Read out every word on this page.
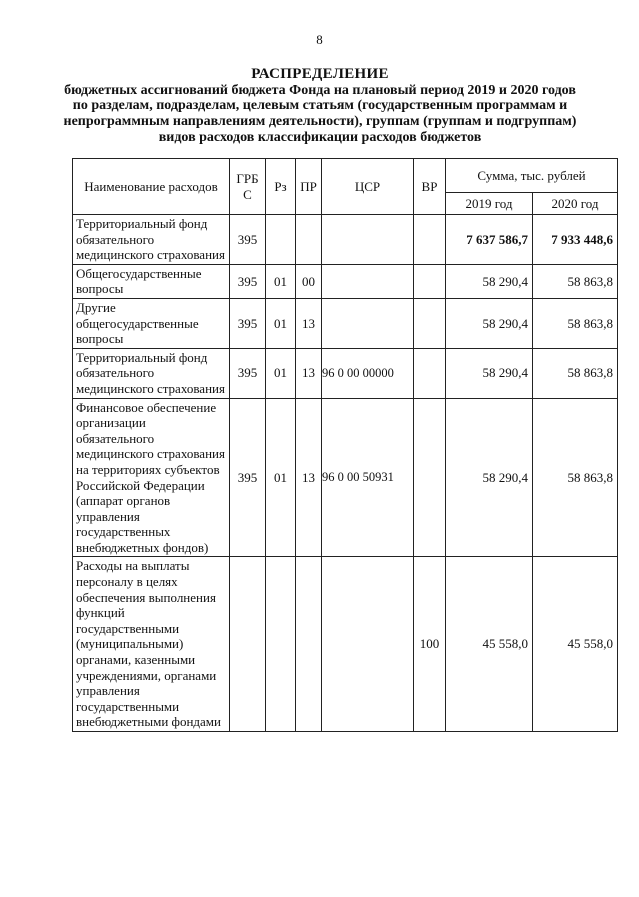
8
РАСПРЕДЕЛЕНИЕ
бюджетных ассигнований бюджета Фонда на плановый период 2019 и 2020 годов
по разделам, подразделам, целевым статьям (государственным программам и
непрограммным направлениям деятельности), группам (группам и подгруппам)
видов расходов классификации расходов бюджетов
Наименование расходов	ГРБ С	Рз	ПР	ЦСР	ВР	Сумма, тыс. рублей	
						2019 год	2020 год
Территориальный фонд обязательного медицинского страхования	395					7 637 586,7	7 933 448,6
Общегосударственные вопросы	395	01	00			58 290,4	58 863,8
Другие общегосударственные вопросы	395	01	13			58 290,4	58 863,8
Территориальный фонд обязательного медицинского страхования	395	01	13	96 0 00 00000		58 290,4	58 863,8
Финансовое обеспечение организации обязательного медицинского страхования на территориях субъектов Российской Федерации (аппарат органов управления государственных внебюджетных фондов)	395	01	13	96 0 00 50931		58 290,4	58 863,8
Расходы на выплаты персоналу в целях обеспечения выполнения функций государственными (муниципальными) органами, казенными учреждениями, органами управления государственными внебюджетными фондами					100	45 558,0	45 558,0
